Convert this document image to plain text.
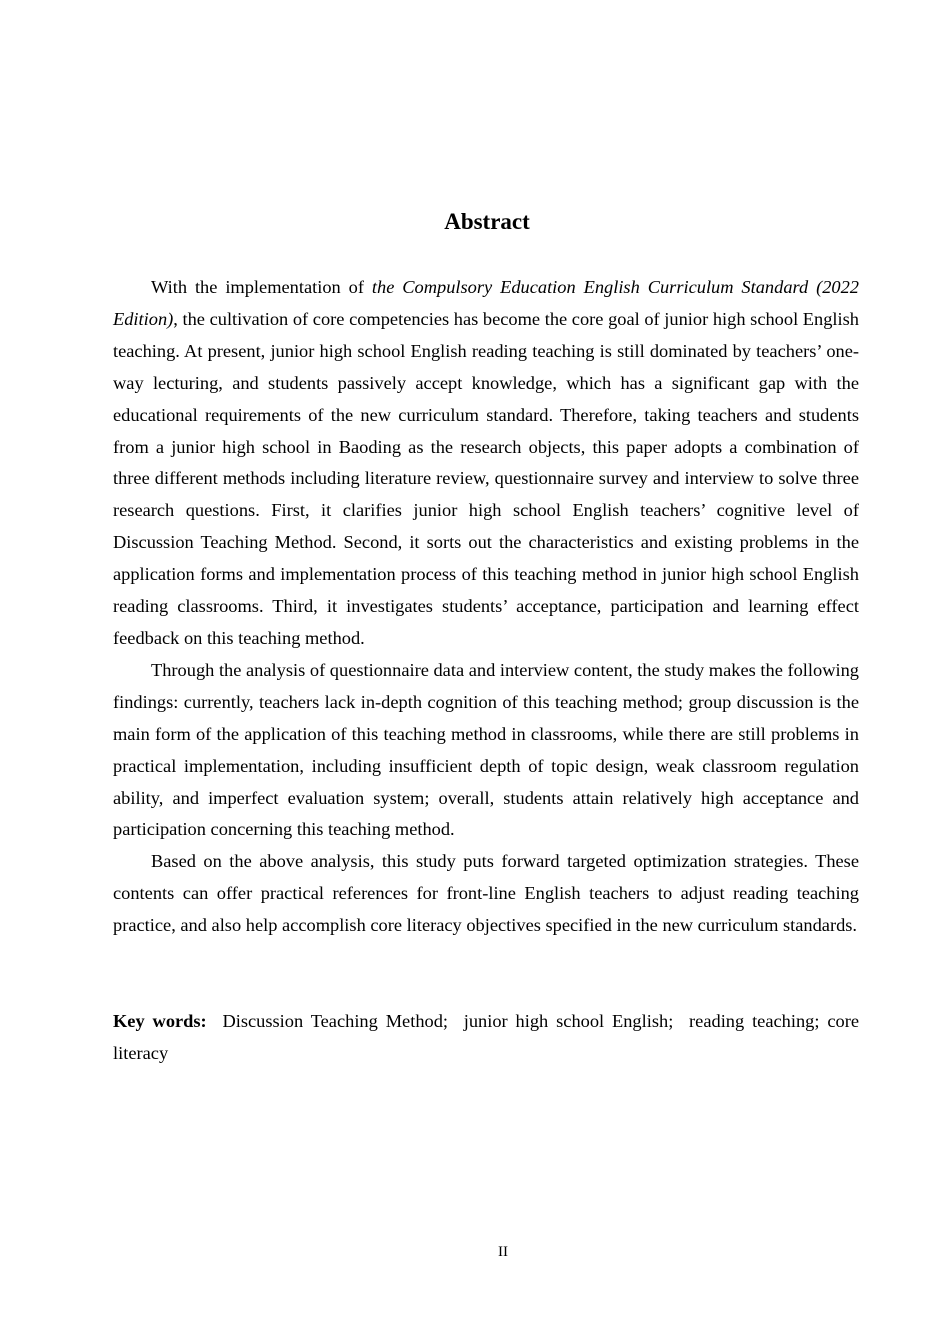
Abstract

With the implementation of the Compulsory Education English Curriculum Standard (2022 Edition), the cultivation of core competencies has become the core goal of junior high school English teaching. At present, junior high school English reading teaching is still dominated by teachers’ one-way lecturing, and students passively accept knowledge, which has a significant gap with the educational requirements of the new curriculum standard. Therefore, taking teachers and students from a junior high school in Baoding as the research objects, this paper adopts a combination of three different methods including literature review, questionnaire survey and interview to solve three research questions. First, it clarifies junior high school English teachers’ cognitive level of Discussion Teaching Method. Second, it sorts out the characteristics and existing problems in the application forms and implementation process of this teaching method in junior high school English reading classrooms. Third, it investigates students’ acceptance, participation and learning effect feedback on this teaching method.

Through the analysis of questionnaire data and interview content, the study makes the following findings: currently, teachers lack in-depth cognition of this teaching method; group discussion is the main form of the application of this teaching method in classrooms, while there are still problems in practical implementation, including insufficient depth of topic design, weak classroom regulation ability, and imperfect evaluation system; overall, students attain relatively high acceptance and participation concerning this teaching method.

Based on the above analysis, this study puts forward targeted optimization strategies. These contents can offer practical references for front-line English teachers to adjust reading teaching practice, and also help accomplish core literacy objectives specified in the new curriculum standards.

Key words: Discussion Teaching Method;  junior high school English;  reading teaching; core literacy
II
